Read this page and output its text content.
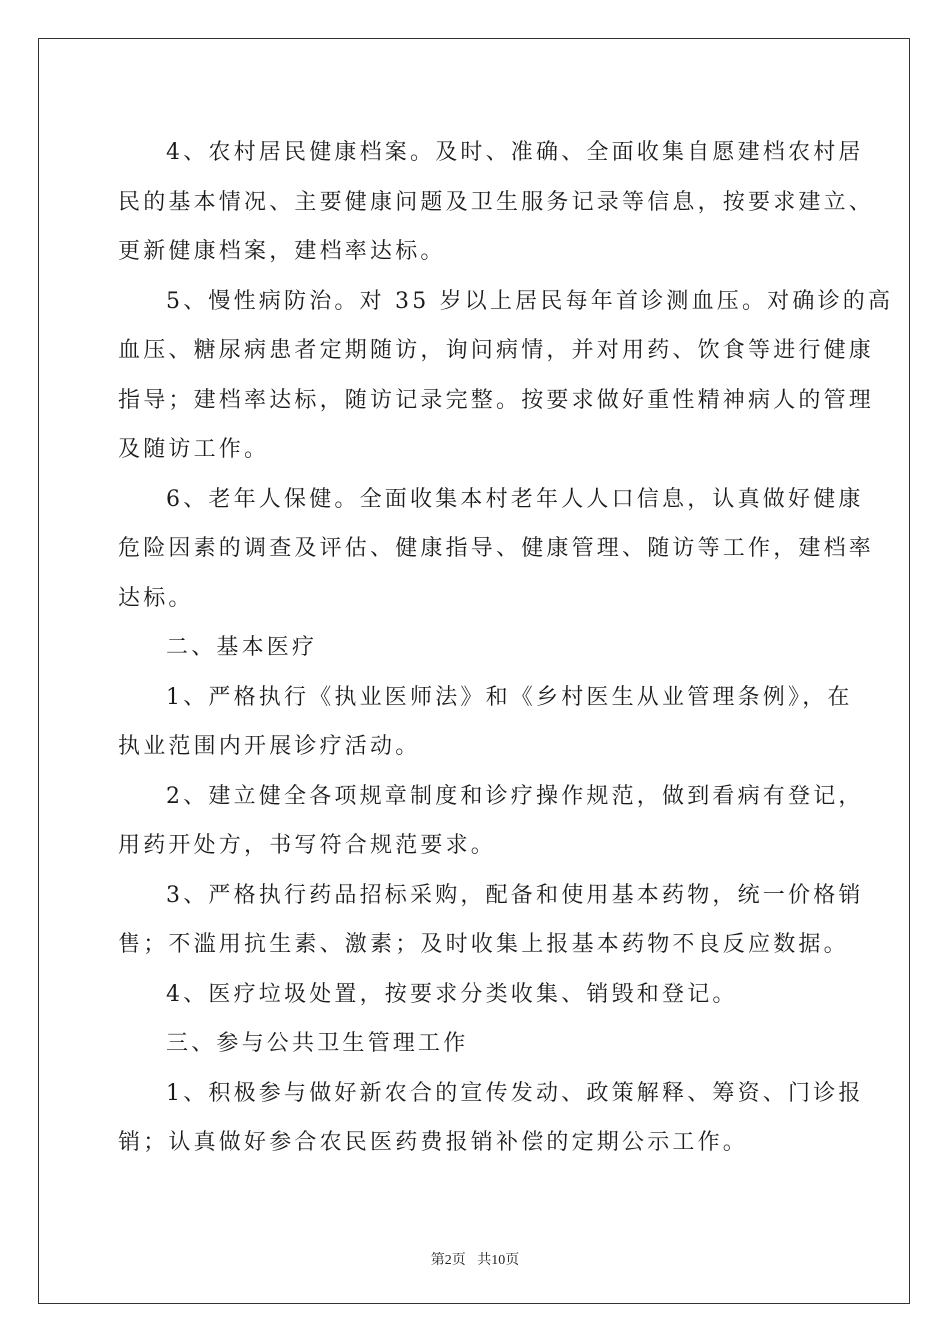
4、农村居民健康档案。及时、准确、全面收集自愿建档农村居
民的基本情况、主要健康问题及卫生服务记录等信息，按要求建立、
更新健康档案，建档率达标。
5、慢性病防治。对 35 岁以上居民每年首诊测血压。对确诊的高
血压、糖尿病患者定期随访，询问病情，并对用药、饮食等进行健康
指导；建档率达标，随访记录完整。按要求做好重性精神病人的管理
及随访工作。
6、老年人保健。全面收集本村老年人人口信息，认真做好健康
危险因素的调查及评估、健康指导、健康管理、随访等工作，建档率
达标。
二、基本医疗
1、严格执行《执业医师法》和《乡村医生从业管理条例》，在
执业范围内开展诊疗活动。
2、建立健全各项规章制度和诊疗操作规范，做到看病有登记，
用药开处方，书写符合规范要求。
3、严格执行药品招标采购，配备和使用基本药物，统一价格销
售；不滥用抗生素、激素；及时收集上报基本药物不良反应数据。
4、医疗垃圾处置，按要求分类收集、销毁和登记。
三、参与公共卫生管理工作
1、积极参与做好新农合的宣传发动、政策解释、筹资、门诊报
销；认真做好参合农民医药费报销补偿的定期公示工作。
第2页 共10页
